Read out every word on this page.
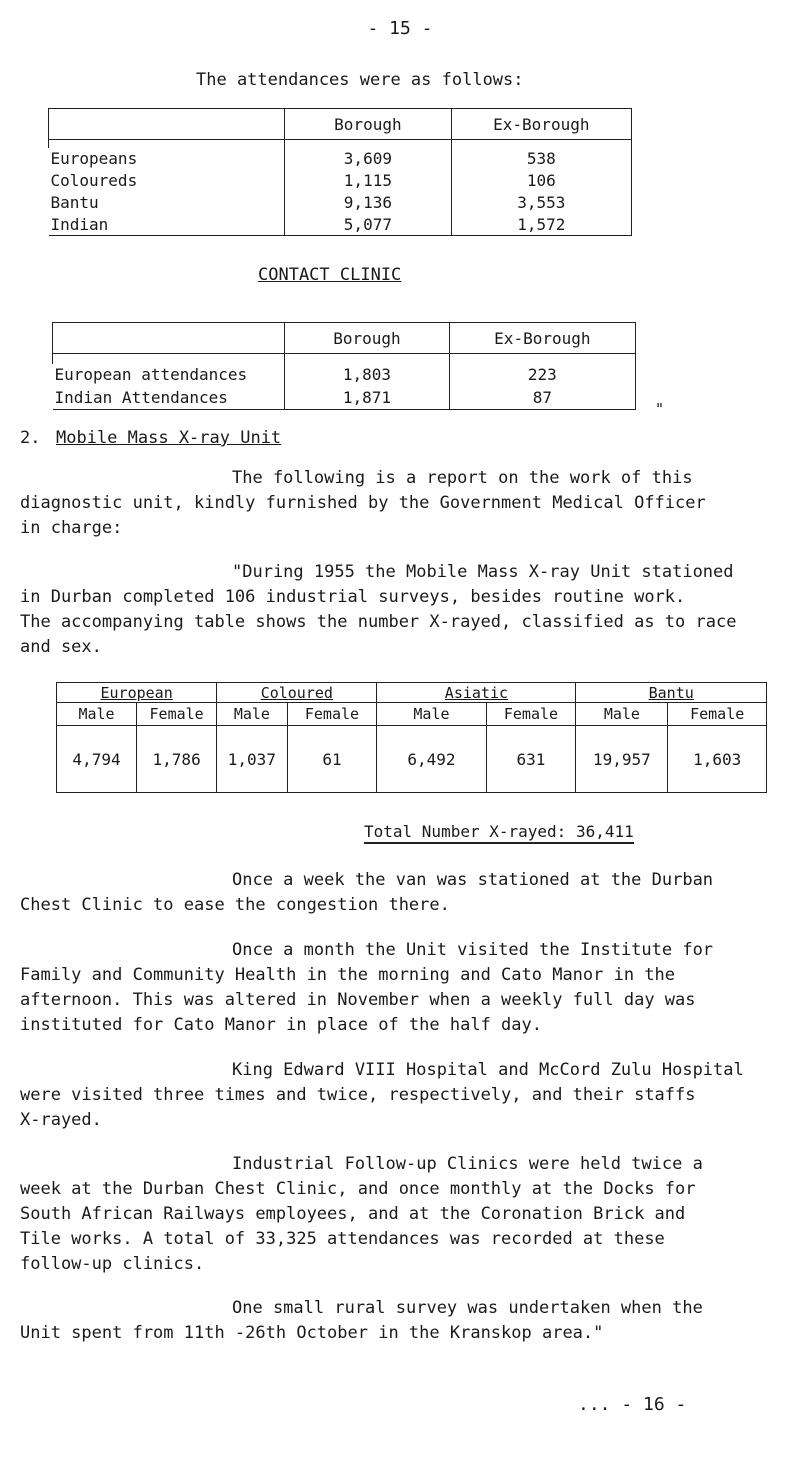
- 15 -
The attendances were as follows:
	Borough	Ex-Borough

Europeans	3,609	538
Coloureds	1,115	106
Bantu	9,136	3,553
Indian	5,077	1,572
CONTACT CLINIC
	Borough	Ex-Borough

European attendances	1,803	223
Indian Attendances	1,871	87
"
2. Mobile Mass X-ray Unit
The following is a report on the work of this
diagnostic unit, kindly furnished by the Government Medical Officer
in charge:
"During 1955 the Mobile Mass X-ray Unit stationed
in Durban completed 106 industrial surveys, besides routine work.
The accompanying table shows the number X-rayed, classified as to race
and sex.
European		Coloured		Asiatic		Bantu	
Male	Female	Male	Female	Male	Female	Male	Female
4,794	1,786	1,037	61	6,492	631	19,957	1,603
Total Number X-rayed: 36,411
Once a week the van was stationed at the Durban
Chest Clinic to ease the congestion there.
Once a month the Unit visited the Institute for
Family and Community Health in the morning and Cato Manor in the
afternoon. This was altered in November when a weekly full day was
instituted for Cato Manor in place of the half day.
King Edward VIII Hospital and McCord Zulu Hospital
were visited three times and twice, respectively, and their staffs
X-rayed.
Industrial Follow-up Clinics were held twice a
week at the Durban Chest Clinic, and once monthly at the Docks for
South African Railways employees, and at the Coronation Brick and
Tile works. A total of 33,325 attendances was recorded at these
follow-up clinics.
One small rural survey was undertaken when the
Unit spent from 11th -26th October in the Kranskop area."
... - 16 -
